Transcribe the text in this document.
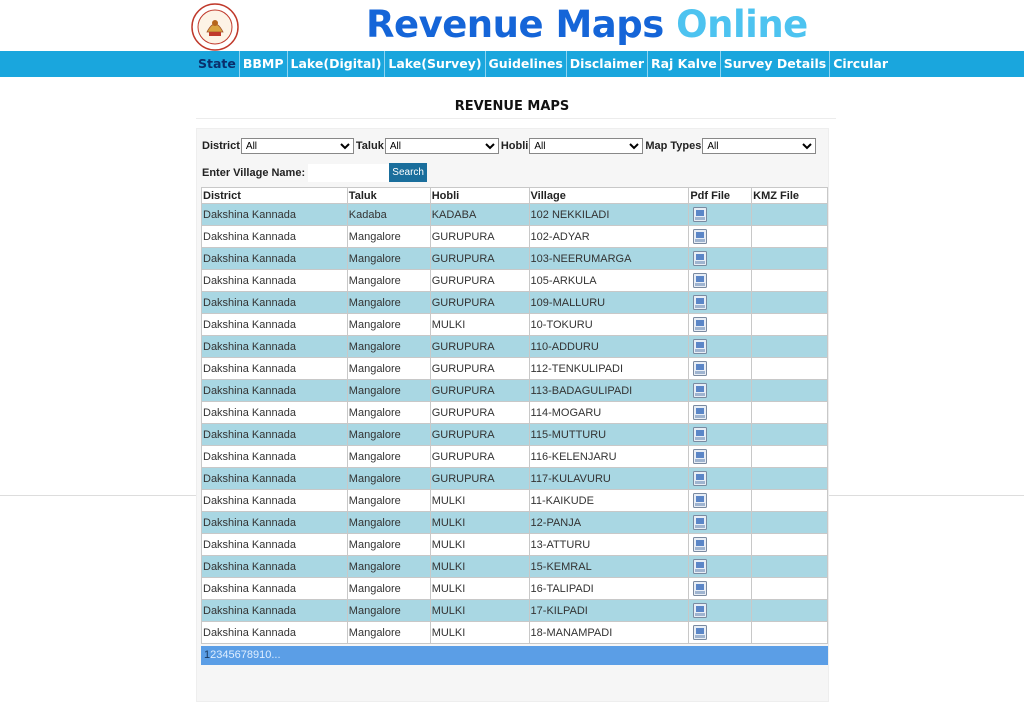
Revenue Maps Online
State BBMP Lake(Digital) Lake(Survey) Guidelines Disclaimer Raj Kalve Survey Details Circular
REVENUE MAPS
District
All	Taluk
All	Hobli
All	Map Types
All
Enter Village Name:	Search
District	Taluk	Hobli	Village	Pdf File	KMZ File
Dakshina Kannada	Kadaba	KADABA	102 NEKKILADI		
Dakshina Kannada	Mangalore	GURUPURA	102-ADYAR		
Dakshina Kannada	Mangalore	GURUPURA	103-NEERUMARGA		
Dakshina Kannada	Mangalore	GURUPURA	105-ARKULA		
Dakshina Kannada	Mangalore	GURUPURA	109-MALLURU		
Dakshina Kannada	Mangalore	MULKI	10-TOKURU		
Dakshina Kannada	Mangalore	GURUPURA	110-ADDURU		
Dakshina Kannada	Mangalore	GURUPURA	112-TENKULIPADI		
Dakshina Kannada	Mangalore	GURUPURA	113-BADAGULIPADI		
Dakshina Kannada	Mangalore	GURUPURA	114-MOGARU		
Dakshina Kannada	Mangalore	GURUPURA	115-MUTTURU		
Dakshina Kannada	Mangalore	GURUPURA	116-KELENJARU		
Dakshina Kannada	Mangalore	GURUPURA	117-KULAVURU		
Dakshina Kannada	Mangalore	MULKI	11-KAIKUDE		
Dakshina Kannada	Mangalore	MULKI	12-PANJA		
Dakshina Kannada	Mangalore	MULKI	13-ATTURU		
Dakshina Kannada	Mangalore	MULKI	15-KEMRAL		
Dakshina Kannada	Mangalore	MULKI	16-TALIPADI		
Dakshina Kannada	Mangalore	MULKI	17-KILPADI		
Dakshina Kannada	Mangalore	MULKI	18-MANAMPADI		
12345678910...
